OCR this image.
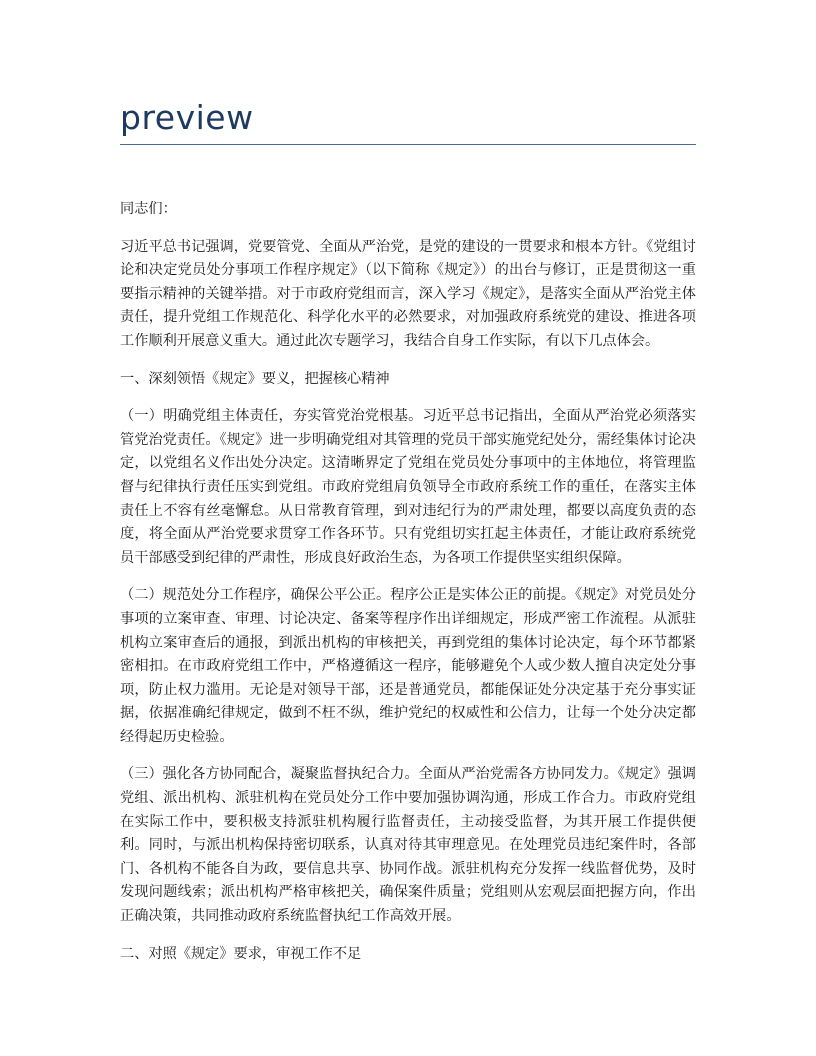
preview

同志们：

习近平总书记强调，党要管党、全面从严治党，是党的建设的一贯要求和根本方针。《党组讨论和决定党员处分事项工作程序规定》（以下简称《规定》）的出台与修订，正是贯彻这一重要指示精神的关键举措。对于市政府党组而言，深入学习《规定》，是落实全面从严治党主体责任，提升党组工作规范化、科学化水平的必然要求，对加强政府系统党的建设、推进各项工作顺利开展意义重大。通过此次专题学习，我结合自身工作实际，有以下几点体会。

一、深刻领悟《规定》要义，把握核心精神

（一）明确党组主体责任，夯实管党治党根基。习近平总书记指出，全面从严治党必须落实管党治党责任。《规定》进一步明确党组对其管理的党员干部实施党纪处分，需经集体讨论决定，以党组名义作出处分决定。这清晰界定了党组在党员处分事项中的主体地位，将管理监督与纪律执行责任压实到党组。市政府党组肩负领导全市政府系统工作的重任，在落实主体责任上不容有丝毫懈怠。从日常教育管理，到对违纪行为的严肃处理，都要以高度负责的态度，将全面从严治党要求贯穿工作各环节。只有党组切实扛起主体责任，才能让政府系统党员干部感受到纪律的严肃性，形成良好政治生态，为各项工作提供坚实组织保障。

（二）规范处分工作程序，确保公平公正。程序公正是实体公正的前提。《规定》对党员处分事项的立案审查、审理、讨论决定、备案等程序作出详细规定，形成严密工作流程。从派驻机构立案审查后的通报，到派出机构的审核把关，再到党组的集体讨论决定，每个环节都紧密相扣。在市政府党组工作中，严格遵循这一程序，能够避免个人或少数人擅自决定处分事项，防止权力滥用。无论是对领导干部，还是普通党员，都能保证处分决定基于充分事实证据，依据准确纪律规定，做到不枉不纵，维护党纪的权威性和公信力，让每一个处分决定都经得起历史检验。

（三）强化各方协同配合，凝聚监督执纪合力。全面从严治党需各方协同发力。《规定》强调党组、派出机构、派驻机构在党员处分工作中要加强协调沟通，形成工作合力。市政府党组在实际工作中，要积极支持派驻机构履行监督责任，主动接受监督，为其开展工作提供便利。同时，与派出机构保持密切联系，认真对待其审理意见。在处理党员违纪案件时，各部门、各机构不能各自为政，要信息共享、协同作战。派驻机构充分发挥一线监督优势，及时发现问题线索；派出机构严格审核把关，确保案件质量；党组则从宏观层面把握方向，作出正确决策，共同推动政府系统监督执纪工作高效开展。

二、对照《规定》要求，审视工作不足
